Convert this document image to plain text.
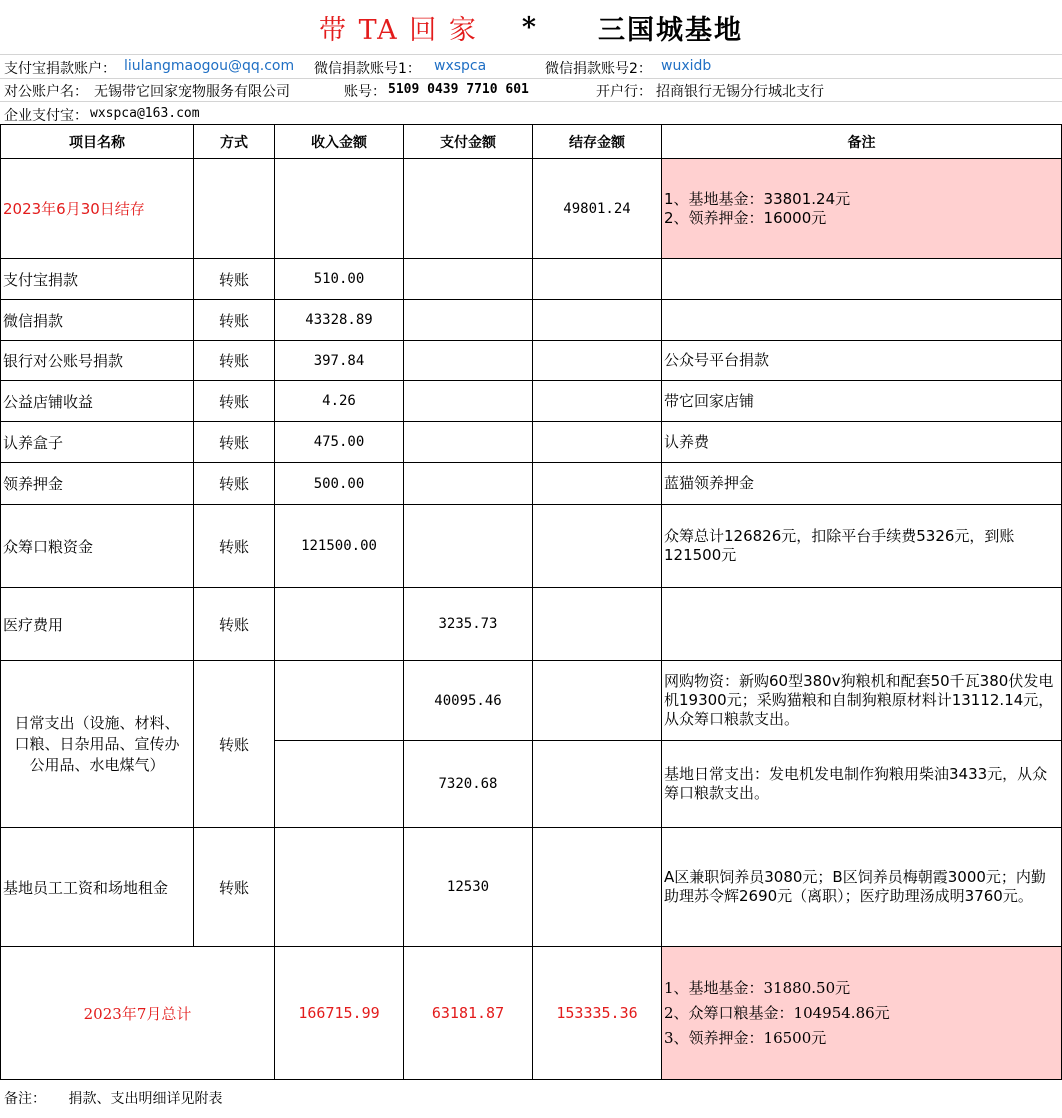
带 TA 回 家 * 三国城基地
支付宝捐款账户： liulangmaogou@qq.com 微信捐款账号1： wxspca	微信捐款账号2： wuxidb
对公账户名： 无锡带它回家宠物服务有限公司	账号： 5109 0439 7710 601	开户行： 招商银行无锡分行城北支行
企业支付宝： wxspca@163.com
项目名称	方式	收入金额	支付金额	结存金额	备注
2023年6月30日结存				49801.24	1、基地基金：33801.24元
2、领养押金：16000元

支付宝捐款	转账	510.00			
微信捐款	转账	43328.89			
银行对公账号捐款	转账	397.84			公众号平台捐款
公益店铺收益	转账	4.26			带它回家店铺
认养盒子	转账	475.00			认养费
领养押金	转账	500.00			蓝猫领养押金
众筹口粮资金	转账	121500.00			众筹总计126826元，扣除平台手续费5326元，到账121500元
医疗费用	转账		3235.73		
日常支出（设施、材料、口粮、日杂用品、宣传办公用品、水电煤气）	转账		40095.46		网购物资：新购60型380v狗粮机和配套50千瓦380伏发电机19300元；采购猫粮和自制狗粮原材料计13112.14元，从众筹口粮款支出。
			7320.68		基地日常支出：发电机发电制作狗粮用柴油3433元，从众筹口粮款支出。
基地员工工资和场地租金	转账		12530		A区兼职饲养员3080元；B区饲养员梅朝霞3000元；内勤助理苏令辉2690元（离职）；医疗助理汤成明3760元。
2023年7月总计		166715.99	63181.87	153335.36	1、基地基金：31880.50元
2、众筹口粮基金：104954.86元
3、领养押金：16500元
备注： 捐款、支出明细详见附表
